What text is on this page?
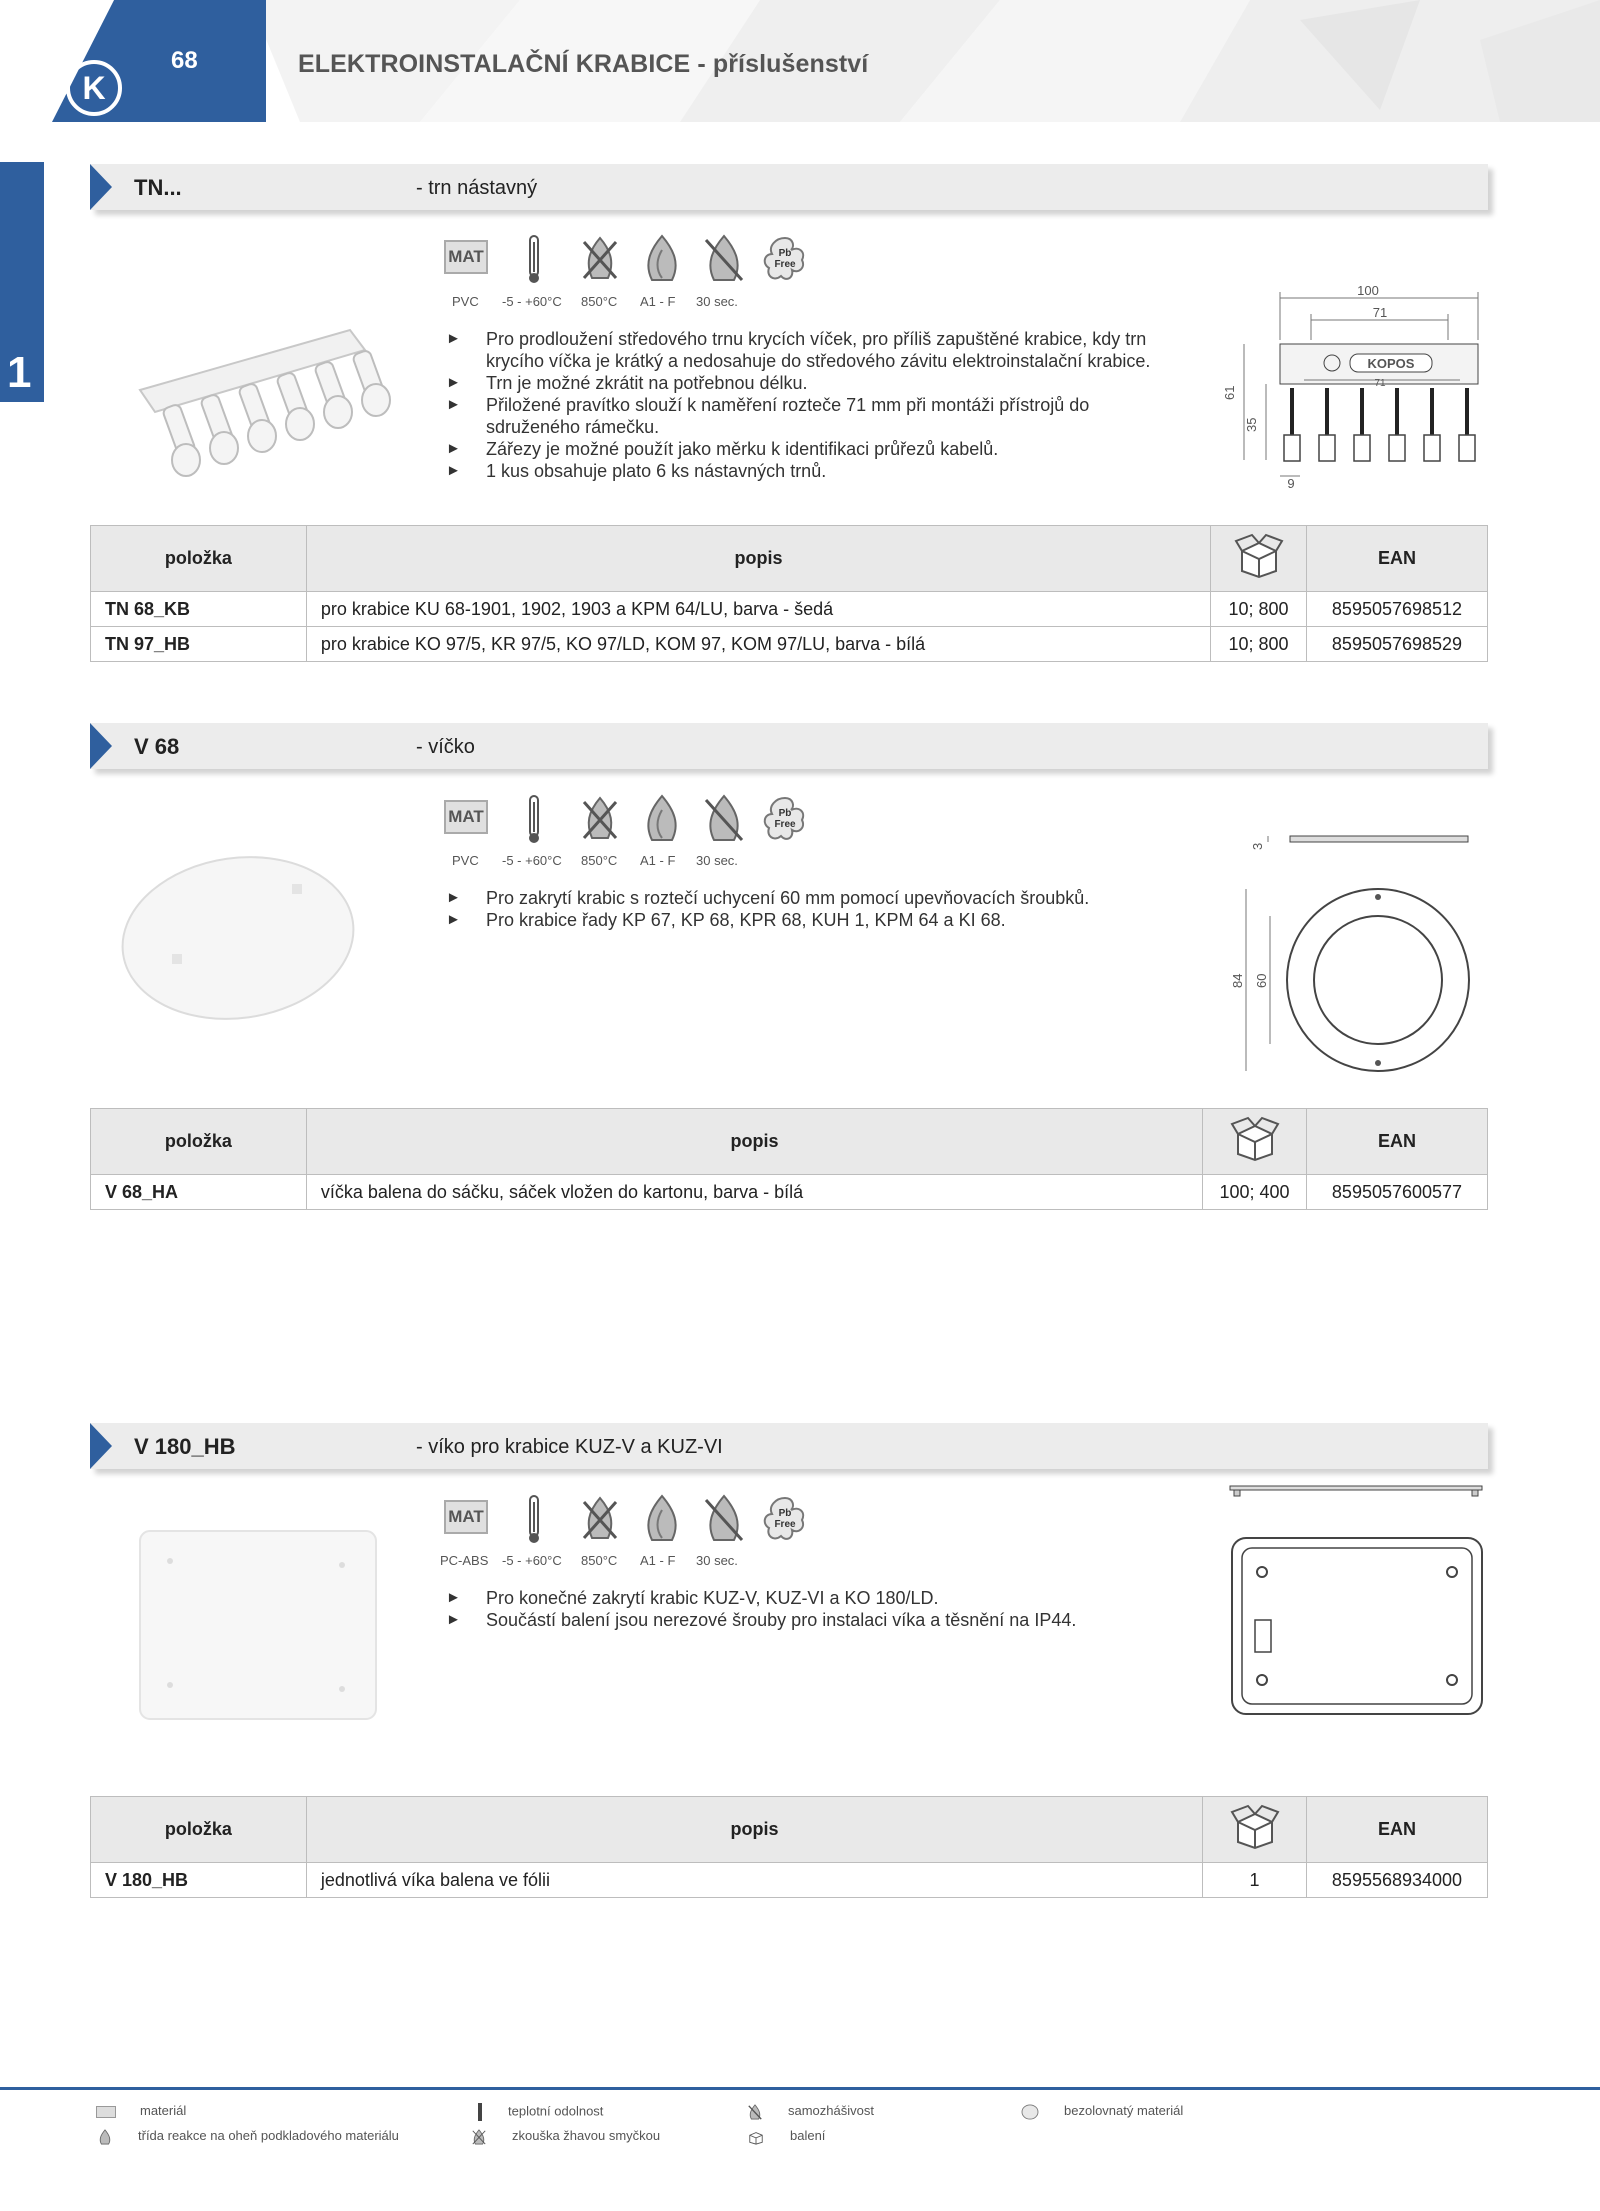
K
68	ELEKTROINSTALAČNÍ KRABICE - příslušenství
1
TN...	- trn nástavný
MAT	Pb
Free
PVC -5 - +60°C 850°C A1 - F 30 sec.
► Pro prodloužení středového trnu krycích víček, pro příliš zapuštěné krabice, kdy trn krycího víčka je krátký a nedosahuje do středového závitu elektroinstalační krabice.
► Trn je možné zkrátit na potřebnou délku.
► Přiložené pravítko slouží k naměření rozteče 71 mm při montáži přístrojů do sdruženého rámečku.
► Zářezy je možné použít jako měrku k identifikaci průřezů kabelů.
► 1 kus obsahuje plato 6 ks nástavných trnů.
100
71
KOPOS
71
61
35
9
položka	popis		EAN
TN 68_KB	pro krabice KU 68-1901, 1902, 1903 a KPM 64/LU, barva - šedá	10; 800	8595057698512
TN 97_HB	pro krabice KO 97/5, KR 97/5, KO 97/LD, KOM 97, KOM 97/LU, barva - bílá	10; 800	8595057698529
V 68	- víčko
MAT	Pb
Free
PVC -5 - +60°C 850°C A1 - F 30 sec.
► Pro zakrytí krabic s roztečí uchycení 60 mm pomocí upevňovacích šroubků.
► Pro krabice řady KP 67, KP 68, KPR 68, KUH 1, KPM 64 a KI 68.
3
84 60
položka	popis		EAN
V 68_HA	víčka balena do sáčku, sáček vložen do kartonu, barva - bílá	100; 400	8595057600577
V 180_HB	- víko pro krabice KUZ-V a KUZ-VI
MAT	Pb
Free
PC-ABS -5 - +60°C 850°C A1 - F 30 sec.
► Pro konečné zakrytí krabic KUZ-V, KUZ-VI a KO 180/LD.
► Součástí balení jsou nerezové šrouby pro instalaci víka a těsnění na IP44.
položka	popis		EAN
V 180_HB	jednotlivá víka balena ve fólii	1	8595568934000
materiál	teplotní odolnost	samozhášivost	bezolovnatý materiál
třída reakce na oheň podkladového materiálu	zkouška žhavou smyčkou	balení
